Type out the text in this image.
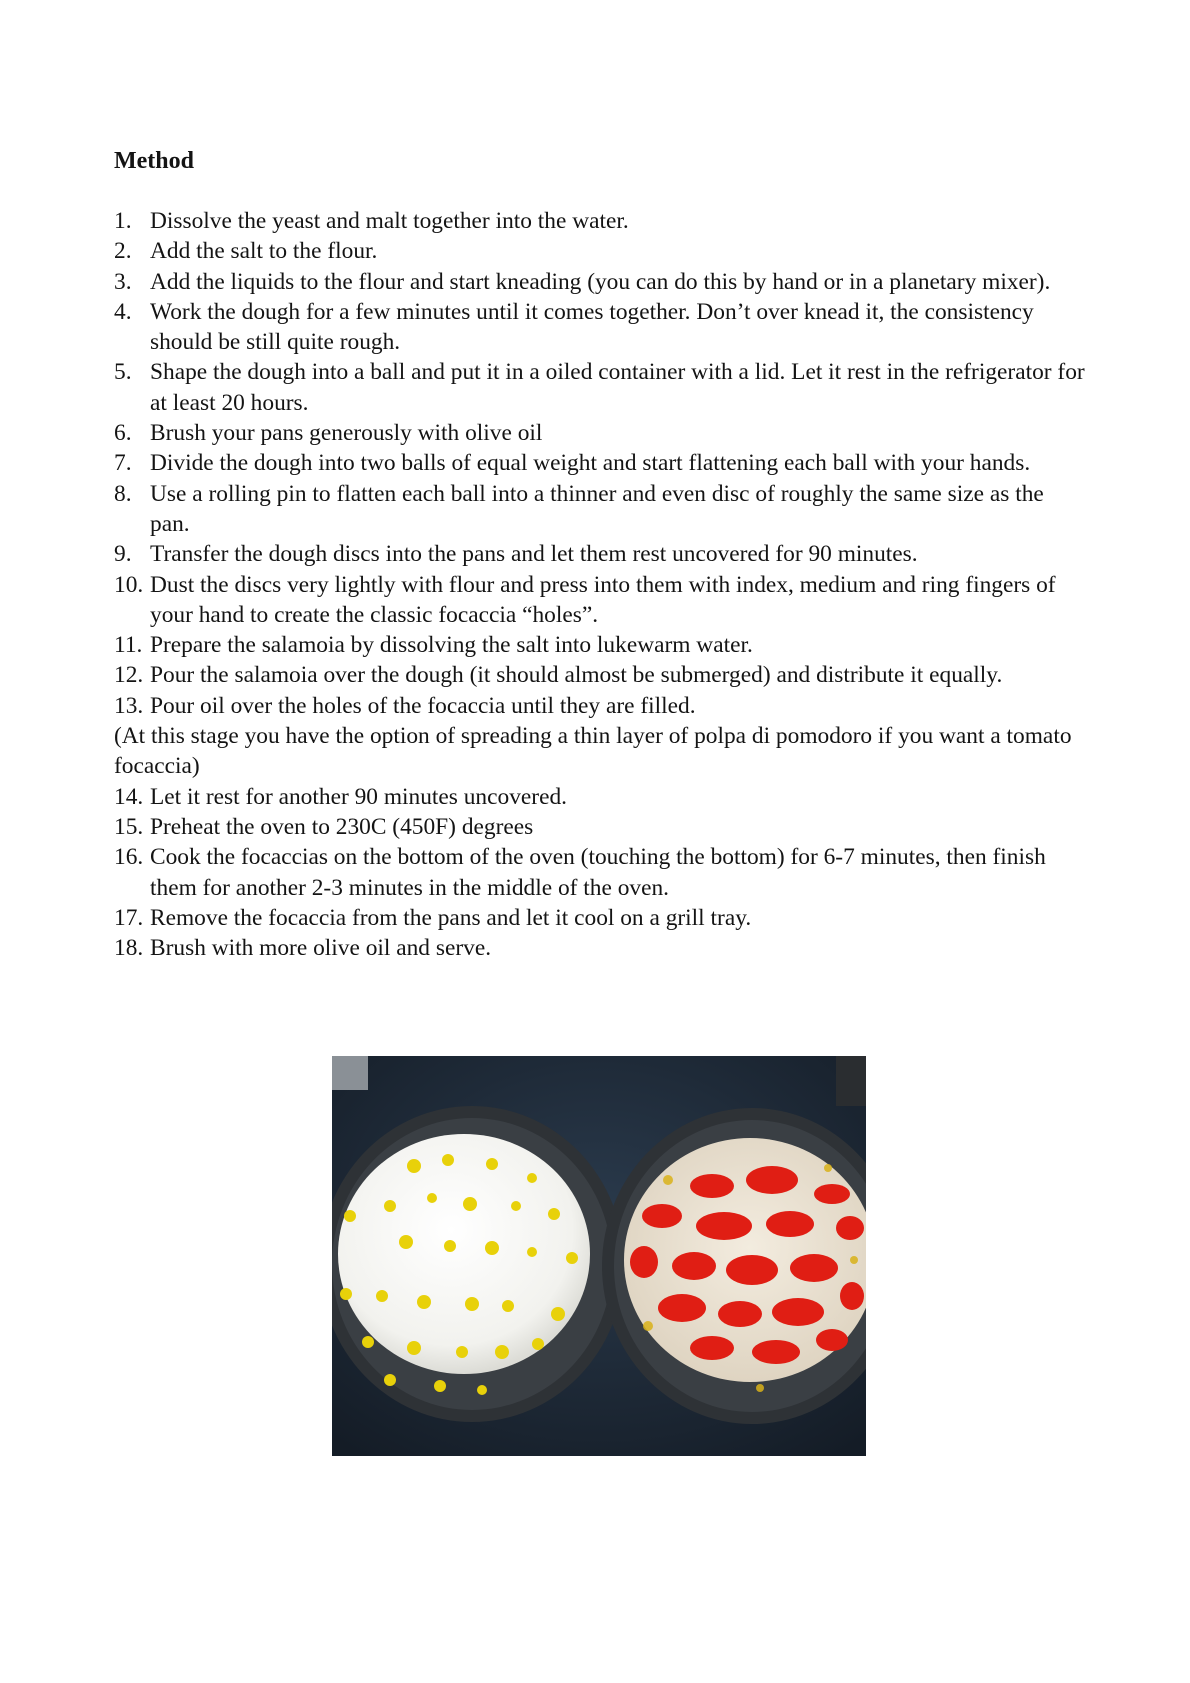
Method
1. Dissolve the yeast and malt together into the water.
2. Add the salt to the flour.
3. Add the liquids to the flour and start kneading (you can do this by hand or in a planetary mixer).
4. Work the dough for a few minutes until it comes together. Don’t over knead it, the consistency should be still quite rough.
5. Shape the dough into a ball and put it in a oiled container with a lid. Let it rest in the refrigerator for at least 20 hours.
6. Brush your pans generously with olive oil
7. Divide the dough into two balls of equal weight and start flattening each ball with your hands.
8. Use a rolling pin to flatten each ball into a thinner and even disc of roughly the same size as the pan.
9. Transfer the dough discs into the pans and let them rest uncovered for 90 minutes.
10. Dust the discs very lightly with flour and press into them with index, medium and ring fingers of your hand to create the classic focaccia “holes”.
11. Prepare the salamoia by dissolving the salt into lukewarm water.
12. Pour the salamoia over the dough (it should almost be submerged) and distribute it equally.
13. Pour oil over the holes of the focaccia until they are filled.
(At this stage you have the option of spreading a thin layer of polpa di pomodoro if you want a tomato focaccia)
14. Let it rest for another 90 minutes uncovered.
15. Preheat the oven to 230C (450F) degrees
16. Cook the focaccias on the bottom of the oven (touching the bottom) for 6-7 minutes, then finish them for another 2-3 minutes in the middle of the oven.
17. Remove the focaccia from the pans and let it cool on a grill tray.
18. Brush with more olive oil and serve.
